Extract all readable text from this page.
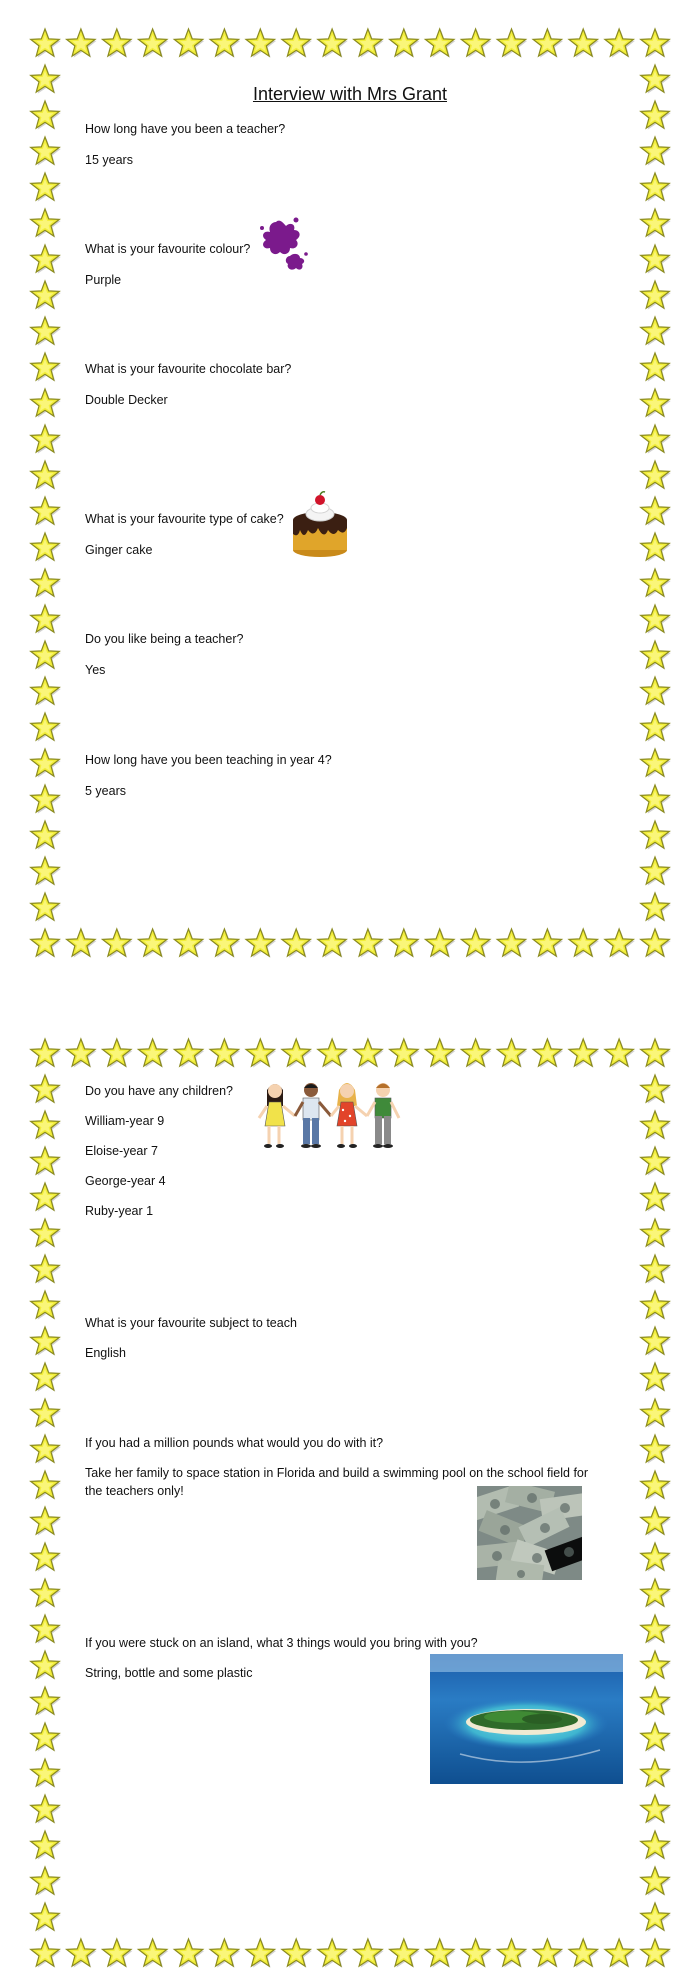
Interview with Mrs Grant
How long have you been a teacher?
15 years
What is your favourite colour?
Purple
What is your favourite chocolate bar?
Double Decker
What is your favourite type of cake?
Ginger cake
Do you like being a teacher?
Yes
How long have you been teaching in year 4?
5 years
Do you have any children?
William-year 9
Eloise-year 7
George-year 4
Ruby-year 1
What is your favourite subject to teach
English
If you had a million pounds what would you do with it?
Take her family to space station in Florida and build a swimming pool on the school field for the teachers only!
If you were stuck on an island, what 3 things would you bring with you?
String, bottle and some plastic
